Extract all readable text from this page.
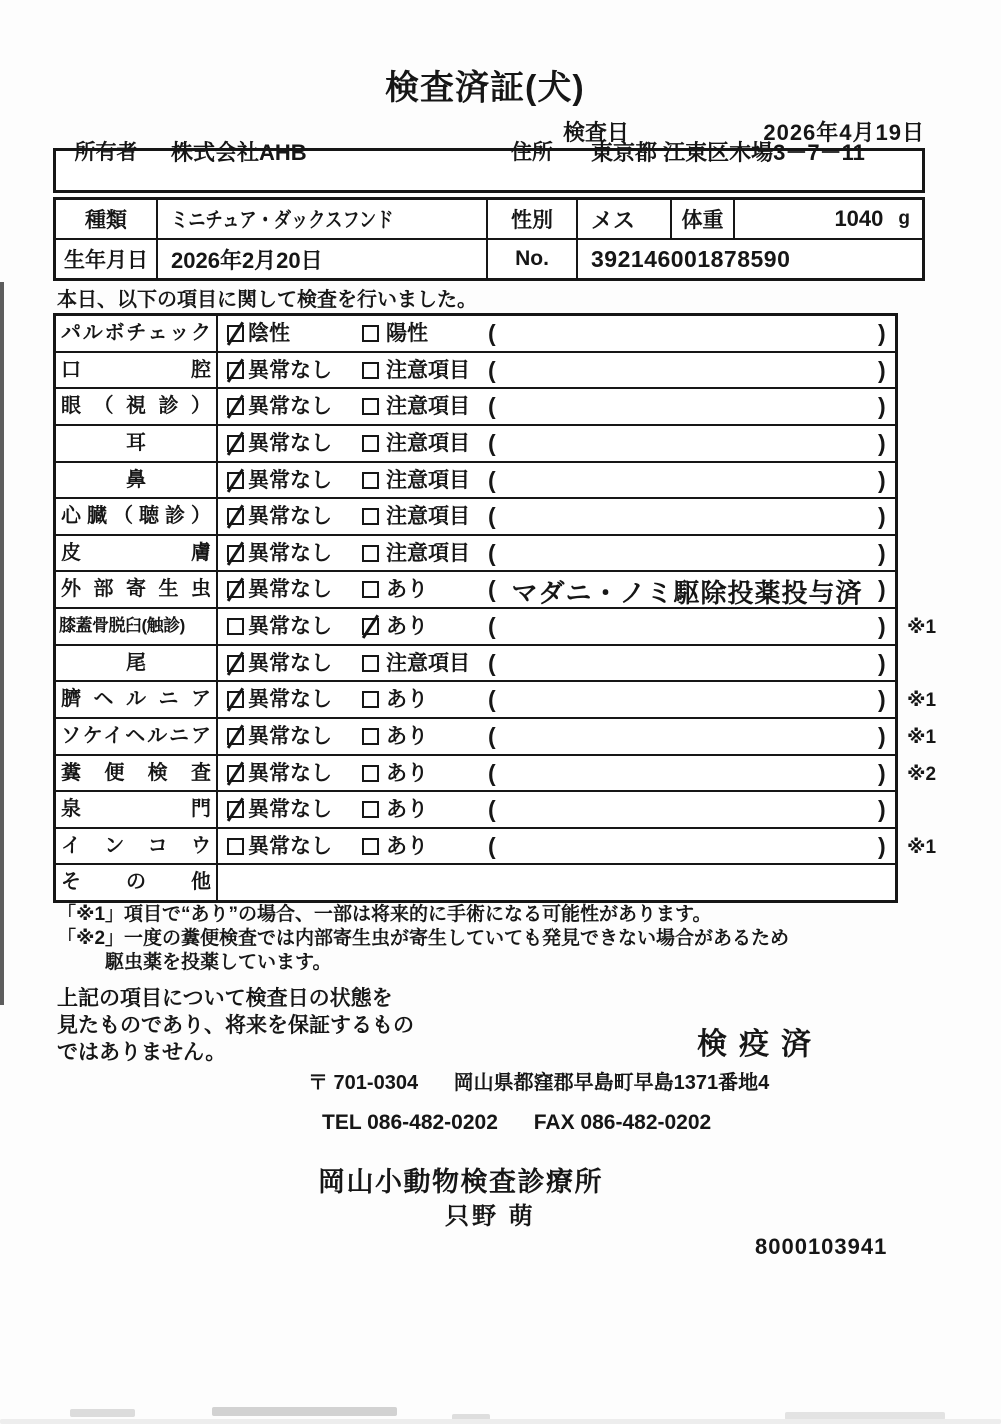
検査済証(犬)
検査日	2026年4月19日
所有者	株式会社AHB	住所	東京都 江東区木場3－7－11
種類	ミニチュア・ダックスフンド	性別	メス	体重	1040 g
生年月日	2026年2月20日	No.	392146001878590
本日、以下の項目に関して検査を行いました。
パルボチェック	陰性	陽性	(	)
口腔	異常なし	注意項目 (	)
眼（視診）	異常なし	注意項目 (	)
耳	異常なし	注意項目 (	)
鼻	異常なし	注意項目 (	)
心臓（聴診）	異常なし	注意項目 (	)
皮膚	異常なし	注意項目 (	)
外部寄生虫	異常なし	あり	( マダニ・ノミ駆除投薬投与済 )
膝蓋骨脱臼(触診)	異常なし	あり	(	) ※1
尾	異常なし	注意項目 (	)
臍ヘルニア	異常なし	あり	(	) ※1
ソケイヘルニア	異常なし	あり	(	) ※1
糞便検査	異常なし	あり	(	) ※2
泉門	異常なし	あり	(	)
インコウ	異常なし	あり	(	) ※1
その他
「※1」項目で“あり”の場合、一部は将来的に手術になる可能性があります。
「※2」一度の糞便検査では内部寄生虫が寄生していても発見できない場合があるため
駆虫薬を投薬しています。
上記の項目について検査日の状態を
見たものであり、将来を保証するもの
ではありません。	検疫済
〒 701-0304 岡山県都窪郡早島町早島1371番地4
TEL 086-482-0202 FAX 086-482-0202
岡山小動物検査診療所
只野 萌
8000103941
